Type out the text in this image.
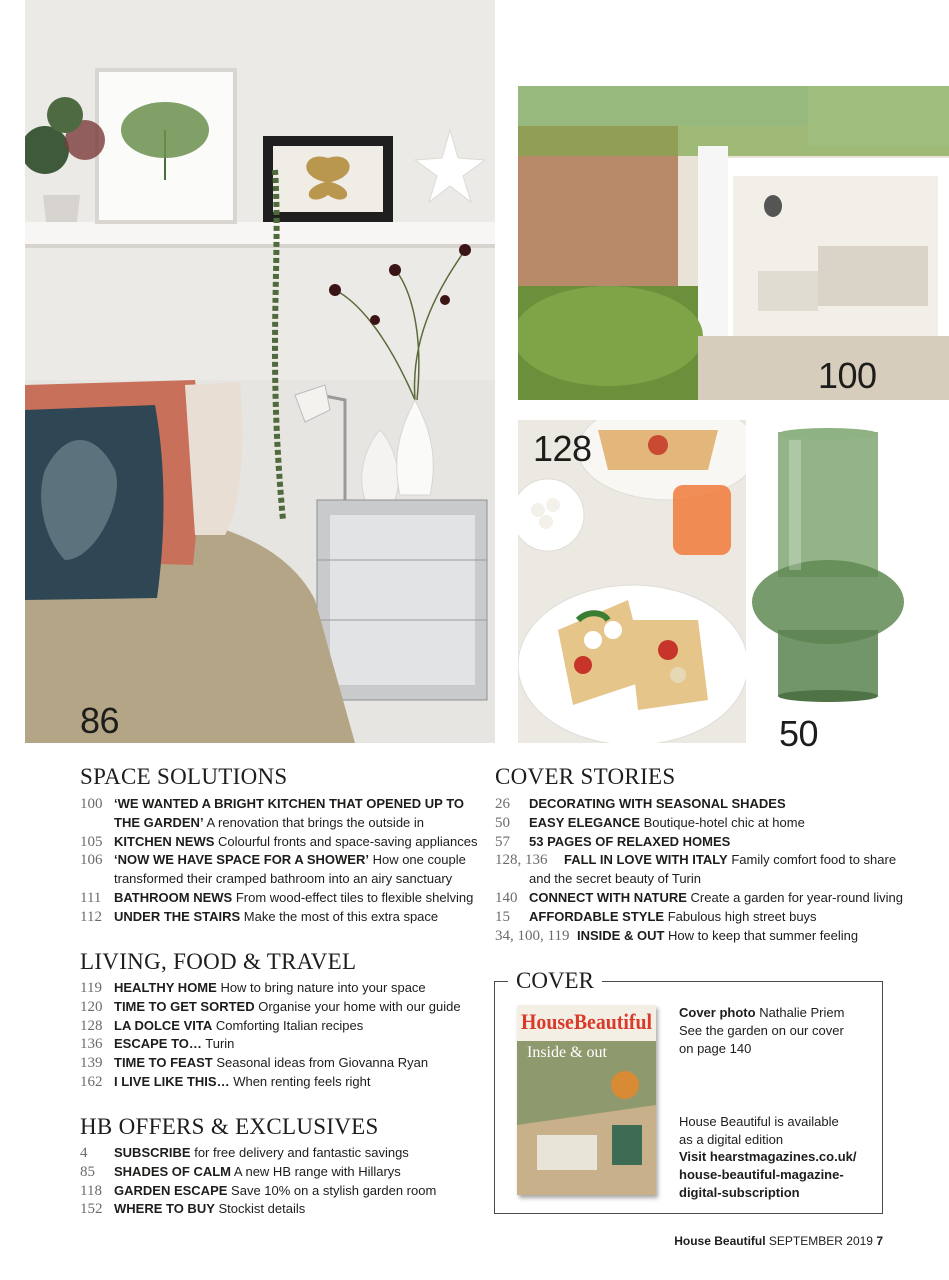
86
100
128
50
SPACE SOLUTIONS
100 ‘WE WANTED A BRIGHT KITCHEN THAT OPENED UP TO THE GARDEN’ A renovation that brings the outside in
105 KITCHEN NEWS Colourful fronts and space-saving appliances
106 ‘NOW WE HAVE SPACE FOR A SHOWER’ How one couple transformed their cramped bathroom into an airy sanctuary
111 BATHROOM NEWS From wood-effect tiles to flexible shelving
112 UNDER THE STAIRS Make the most of this extra space
LIVING, FOOD & TRAVEL
119 HEALTHY HOME How to bring nature into your space
120 TIME TO GET SORTED Organise your home with our guide
128 LA DOLCE VITA Comforting Italian recipes
136 ESCAPE TO… Turin
139 TIME TO FEAST Seasonal ideas from Giovanna Ryan
162 I LIVE LIKE THIS… When renting feels right
HB OFFERS & EXCLUSIVES
4 SUBSCRIBE for free delivery and fantastic savings
85 SHADES OF CALM A new HB range with Hillarys
118 GARDEN ESCAPE Save 10% on a stylish garden room
152 WHERE TO BUY Stockist details
COVER STORIES
26 DECORATING WITH SEASONAL SHADES
50 EASY ELEGANCE Boutique-hotel chic at home
57 53 PAGES OF RELAXED HOMES
128, 136	FALL IN LOVE WITH ITALY Family comfort food to share and the secret beauty of Turin
140 CONNECT WITH NATURE Create a garden for year-round living
15 AFFORDABLE STYLE Fabulous high street buys
34, 100, 119 INSIDE & OUT How to keep that summer feeling
COVER
HouseBeautiful
Inside & out
Cover photo Nathalie Priem
See the garden on our cover on page 140
House Beautiful is available as a digital edition
Visit hearstmagazines.co.uk/ house-beautiful-magazine-digital-subscription
House Beautiful SEPTEMBER 2019 7
